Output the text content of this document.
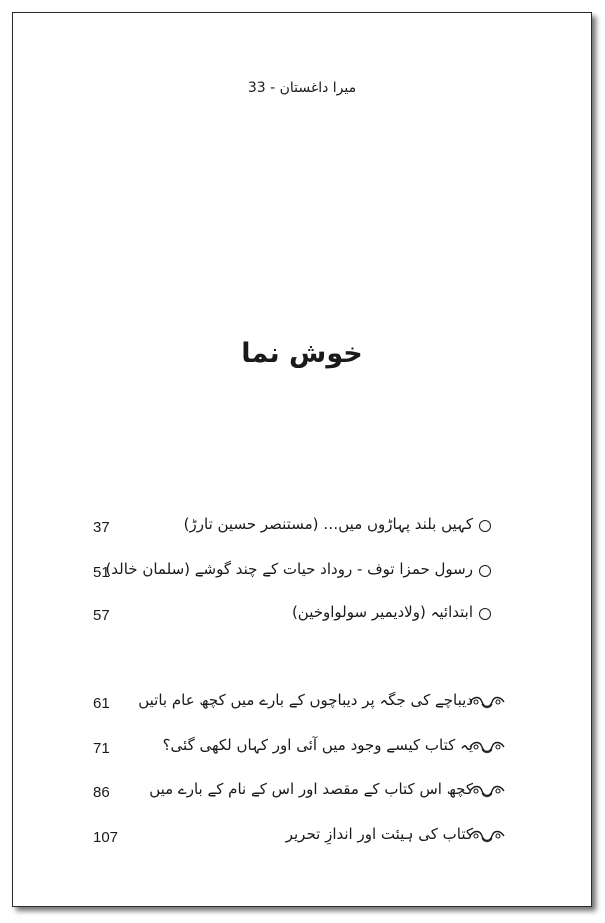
میرا داغستان - 33
خوش نما
کہیں بلند پہاڑوں میں… (مستنصر حسین تارڑ)
37
رسول حمزا توف - روداد حیات کے چند گوشے (سلمان خالد)
51
ابتدائیہ (ولادیمیر سولواوخین)
57
دیباچے کی جگہ پر دیباچوں کے بارے میں کچھ عام باتیں
61
یہ کتاب کیسے وجود میں آئی اور کہاں لکھی گئی؟
71
کچھ اس کتاب کے مقصد اور اس کے نام کے بارے میں
86
کتاب کی ہیئت اور اندازِ تحریر
107
